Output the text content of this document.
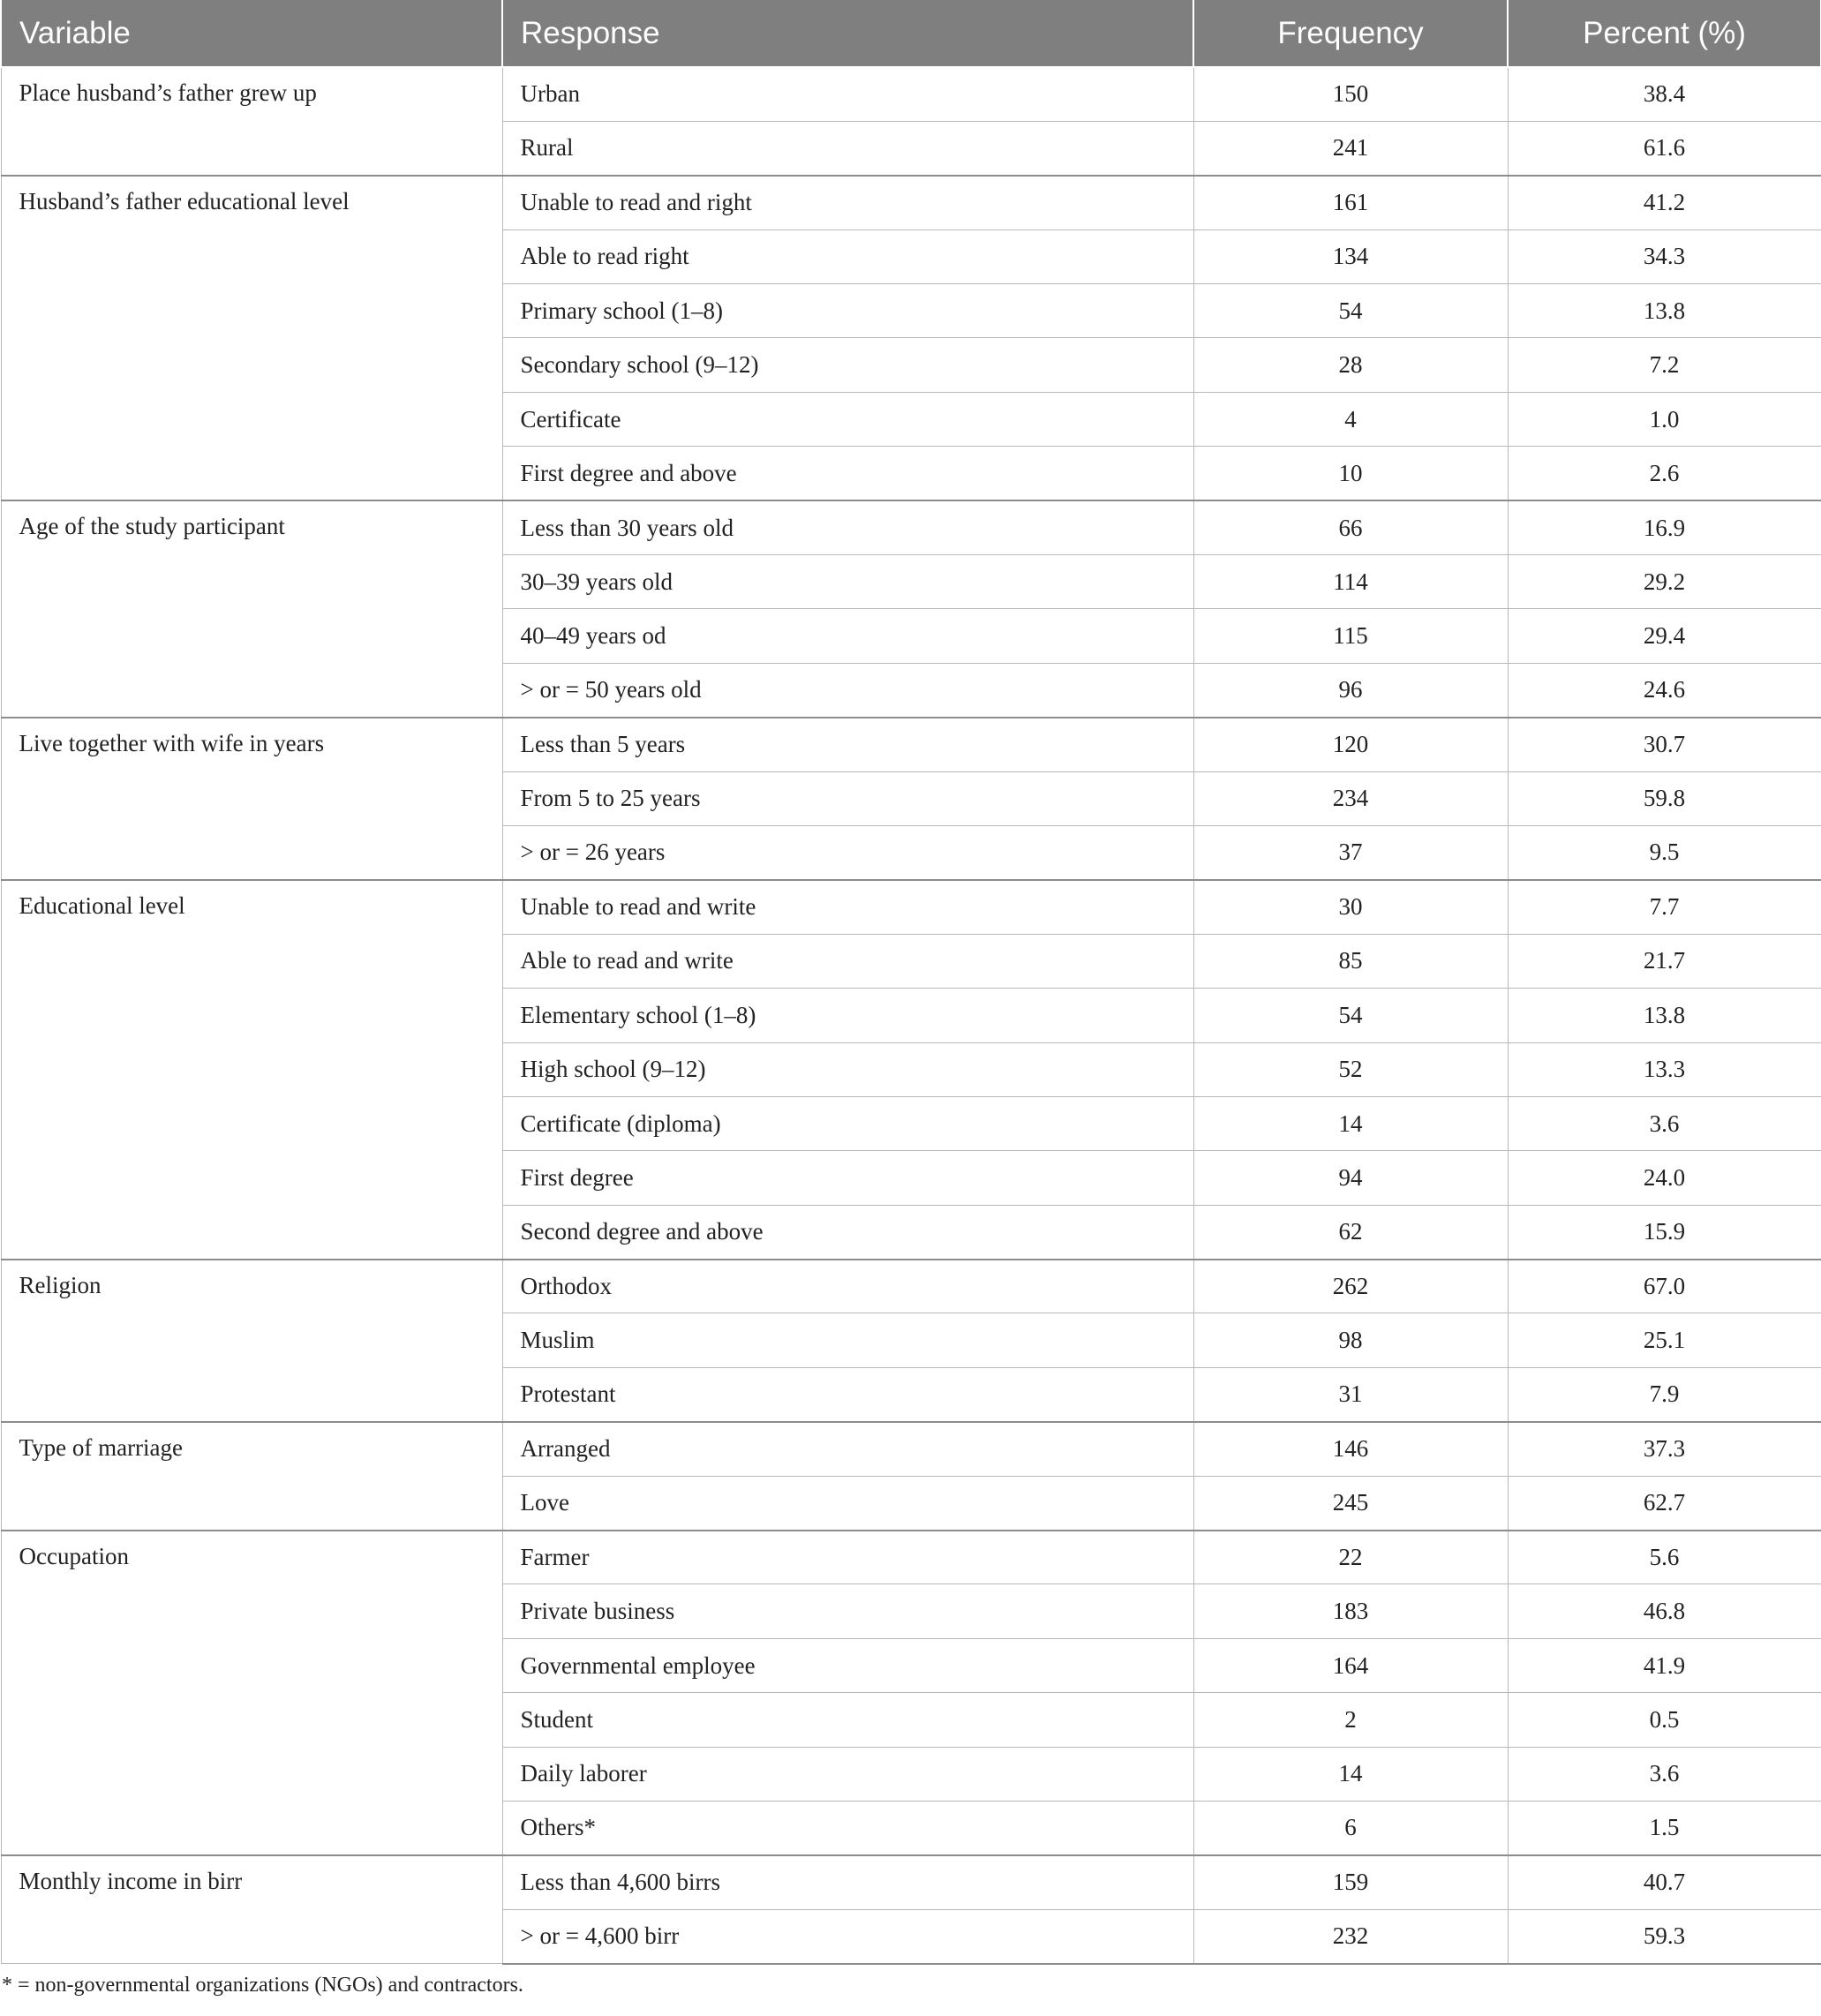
Variable	Response	Frequency	Percent (%)
Place husband’s father grew up	Urban	150	38.4
	Rural	241	61.6
Husband’s father educational level	Unable to read and right	161	41.2
	Able to read right	134	34.3
	Primary school (1–8)	54	13.8
	Secondary school (9–12)	28	7.2
	Certificate	4	1.0
	First degree and above	10	2.6
Age of the study participant	Less than 30 years old	66	16.9
	30–39 years old	114	29.2
	40–49 years od	115	29.4
	> or = 50 years old	96	24.6
Live together with wife in years	Less than 5 years	120	30.7
	From 5 to 25 years	234	59.8
	> or = 26 years	37	9.5
Educational level	Unable to read and write	30	7.7
	Able to read and write	85	21.7
	Elementary school (1–8)	54	13.8
	High school (9–12)	52	13.3
	Certificate (diploma)	14	3.6
	First degree	94	24.0
	Second degree and above	62	15.9
Religion	Orthodox	262	67.0
	Muslim	98	25.1
	Protestant	31	7.9
Type of marriage	Arranged	146	37.3
	Love	245	62.7
Occupation	Farmer	22	5.6
	Private business	183	46.8
	Governmental employee	164	41.9
	Student	2	0.5
	Daily laborer	14	3.6
	Others*	6	1.5
Monthly income in birr	Less than 4,600 birrs	159	40.7
	> or = 4,600 birr	232	59.3
* = non-governmental organizations (NGOs) and contractors.
